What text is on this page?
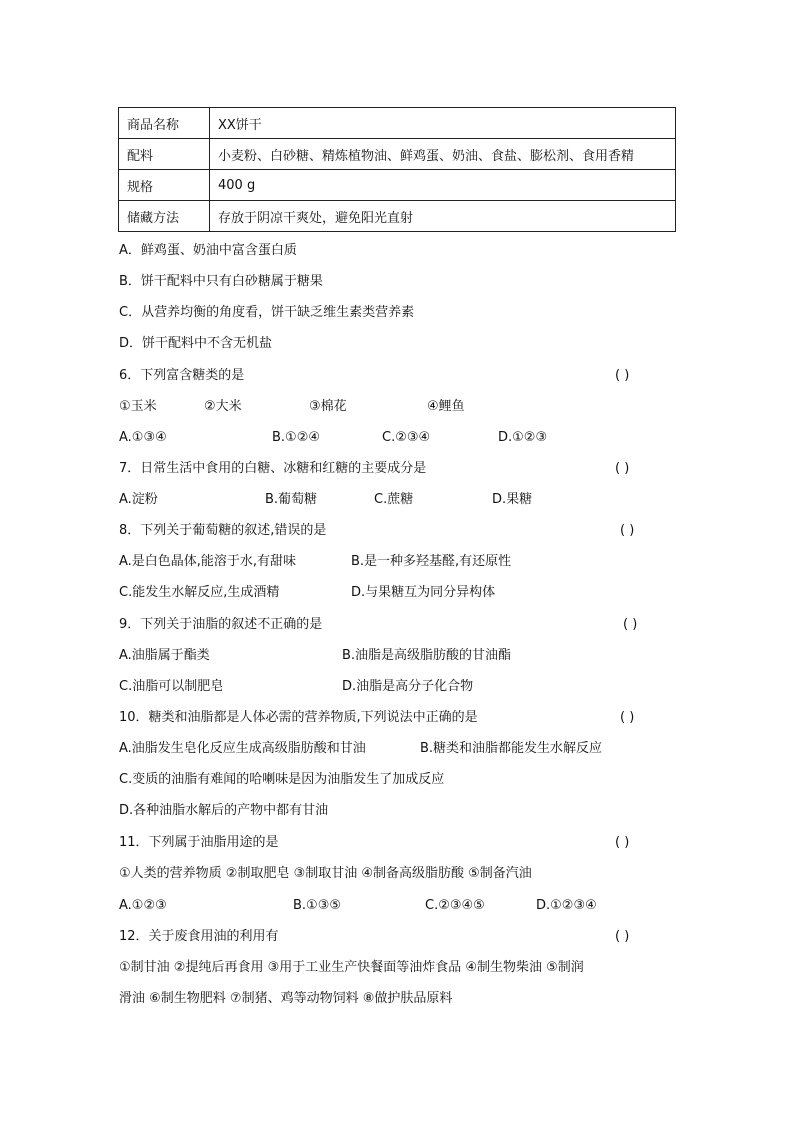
商品名称	XX饼干
配料	小麦粉、白砂糖、精炼植物油、鲜鸡蛋、奶油、食盐、膨松剂、食用香精
规格	400 g
储藏方法	存放于阴凉干爽处，避免阳光直射
A．鲜鸡蛋、奶油中富含蛋白质
B．饼干配料中只有白砂糖属于糖果
C．从营养均衡的角度看，饼干缺乏维生素类营养素
D．饼干配料中不含无机盐
6．下列富含糖类的是	( )
①玉米	②大米	③棉花	④鲤鱼
A.①③④	B.①②④	C.②③④	D.①②③
7．日常生活中食用的白糖、冰糖和红糖的主要成分是	( )
A.淀粉	B.葡萄糖	C.蔗糖	D.果糖
8．下列关于葡萄糖的叙述,错误的是	( )
A.是白色晶体,能溶于水,有甜味	B.是一种多羟基醛,有还原性
C.能发生水解反应,生成酒精	D.与果糖互为同分异构体
9．下列关于油脂的叙述不正确的是	( )
A.油脂属于酯类	B.油脂是高级脂肪酸的甘油酯
C.油脂可以制肥皂	D.油脂是高分子化合物
10．糖类和油脂都是人体必需的营养物质,下列说法中正确的是	( )
A.油脂发生皂化反应生成高级脂肪酸和甘油	B.糖类和油脂都能发生水解反应
C.变质的油脂有难闻的哈喇味是因为油脂发生了加成反应
D.各种油脂水解后的产物中都有甘油
11．下列属于油脂用途的是	( )
①人类的营养物质 ②制取肥皂 ③制取甘油 ④制备高级脂肪酸 ⑤制备汽油
A.①②③	B.①③⑤	C.②③④⑤	D.①②③④
12．关于废食用油的利用有	( )
①制甘油 ②提纯后再食用 ③用于工业生产快餐面等油炸食品 ④制生物柴油 ⑤制润
滑油 ⑥制生物肥料 ⑦制猪、鸡等动物饲料 ⑧做护肤品原料
